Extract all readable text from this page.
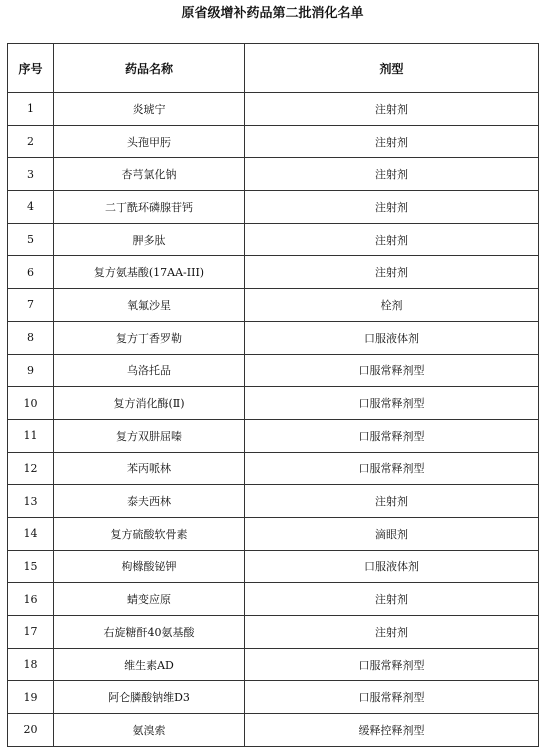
原省级增补药品第二批消化名单
序号	药品名称	剂型
1	炎琥宁	注射剂
2	头孢甲肟	注射剂
3	杏芎氯化钠	注射剂
4	二丁酰环磷腺苷钙	注射剂
5	胛多肽	注射剂
6	复方氨基酸(17AA-III)	注射剂
7	氧氟沙星	栓剂
8	复方丁香罗勒	口服液体剂
9	乌洛托品	口服常释剂型
10	复方消化酶(Ⅱ)	口服常释剂型
11	复方双肼屈嗪	口服常释剂型
12	苯丙哌林	口服常释剂型
13	泰夫西林	注射剂
14	复方硫酸软骨素	滴眼剂
15	枸橼酸铋钾	口服液体剂
16	蜻变应原	注射剂
17	右旋糖酐40氨基酸	注射剂
18	维生素AD	口服常释剂型
19	阿仑膦酸钠维D3	口服常释剂型
20	氨溴索	缓释控释剂型
